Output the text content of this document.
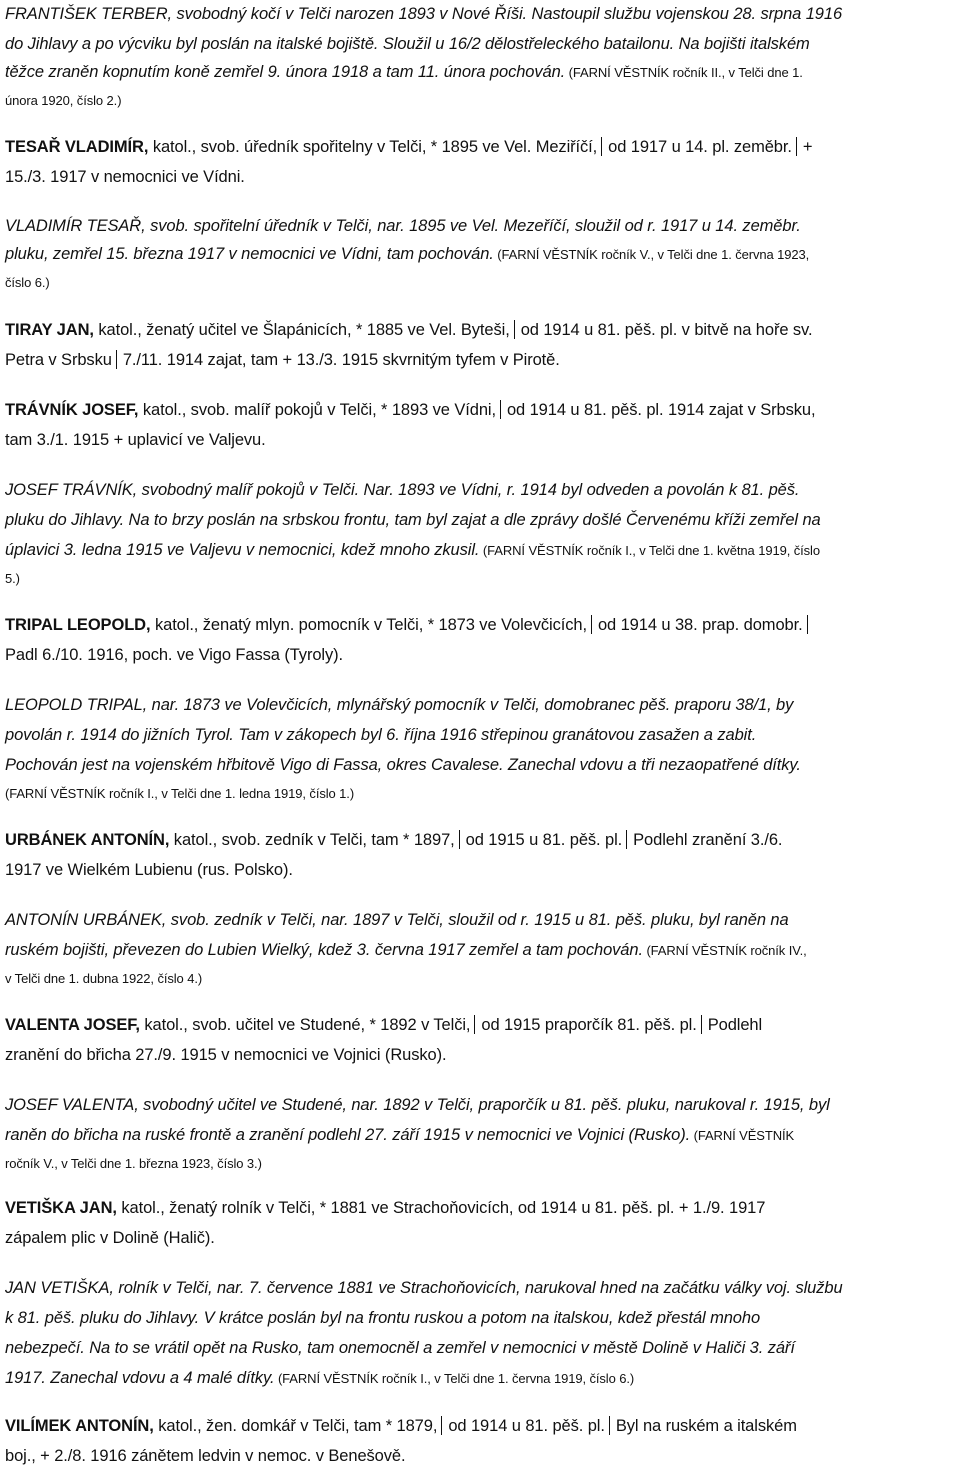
FRANTIŠEK TERBER, svobodný kočí v Telči narozen 1893 v Nové Říši. Nastoupil službu vojenskou 28. srpna 1916
do Jihlavy a po výcviku byl poslán na italské bojiště. Sloužil u 16/2 dělostřeleckého batailonu. Na bojišti italském
těžce zraněn kopnutím koně zemřel 9. února 1918 a tam 11. února pochován. (FARNÍ VĚSTNÍK ročník II., v Telči dne 1.
února 1920, číslo 2.)
TESAŘ VLADIMÍR, katol., svob. úředník spořitelny v Telči, * 1895 ve Vel. Meziříčí, od 1917 u 14. pl. zeměbr. +
15./3. 1917 v nemocnici ve Vídni.
VLADIMÍR TESAŘ, svob. spořitelní úředník v Telči, nar. 1895 ve Vel. Mezeříčí, sloužil od r. 1917 u 14. zeměbr.
pluku, zemřel 15. března 1917 v nemocnici ve Vídni, tam pochován. (FARNÍ VĚSTNÍK ročník V., v Telči dne 1. června 1923,
číslo 6.)
TIRAY JAN, katol., ženatý učitel ve Šlapánicích, * 1885 ve Vel. Byteši, od 1914 u 81. pěš. pl. v bitvě na hoře sv.
Petra v Srbsku 7./11. 1914 zajat, tam + 13./3. 1915 skvrnitým tyfem v Pirotě.
TRÁVNÍK JOSEF, katol., svob. malíř pokojů v Telči, * 1893 ve Vídni, od 1914 u 81. pěš. pl. 1914 zajat v Srbsku,
tam 3./1. 1915 + uplavicí ve Valjevu.
JOSEF TRÁVNÍK, svobodný malíř pokojů v Telči. Nar. 1893 ve Vídni, r. 1914 byl odveden a povolán k 81. pěš.
pluku do Jihlavy. Na to brzy poslán na srbskou frontu, tam byl zajat a dle zprávy došlé Červenému kříži zemřel na
úplavici 3. ledna 1915 ve Valjevu v nemocnici, kdež mnoho zkusil. (FARNÍ VĚSTNÍK ročník I., v Telči dne 1. května 1919, číslo
5.)
TRIPAL LEOPOLD, katol., ženatý mlyn. pomocník v Telči, * 1873 ve Volevčicích, od 1914 u 38. prap. domobr.
Padl 6./10. 1916, poch. ve Vigo Fassa (Tyroly).
LEOPOLD TRIPAL, nar. 1873 ve Volevčicích, mlynářský pomocník v Telči, domobranec pěš. praporu 38/1, by
povolán r. 1914 do jižních Tyrol. Tam v zákopech byl 6. října 1916 střepinou granátovou zasažen a zabit.
Pochován jest na vojenském hřbitově Vigo di Fassa, okres Cavalese. Zanechal vdovu a tři nezaopatřené dítky.
(FARNÍ VĚSTNÍK ročník I., v Telči dne 1. ledna 1919, číslo 1.)
URBÁNEK ANTONÍN, katol., svob. zedník v Telči, tam * 1897, od 1915 u 81. pěš. pl. Podlehl zranění 3./6.
1917 ve Wielkém Lubienu (rus. Polsko).
ANTONÍN URBÁNEK, svob. zedník v Telči, nar. 1897 v Telči, sloužil od r. 1915 u 81. pěš. pluku, byl raněn na
ruském bojišti, převezen do Lubien Wielký, kdež 3. června 1917 zemřel a tam pochován. (FARNÍ VĚSTNÍK ročník IV.,
v Telči dne 1. dubna 1922, číslo 4.)
VALENTA JOSEF, katol., svob. učitel ve Studené, * 1892 v Telči, od 1915 praporčík 81. pěš. pl. Podlehl
zranění do břicha 27./9. 1915 v nemocnici ve Vojnici (Rusko).
JOSEF VALENTA, svobodný učitel ve Studené, nar. 1892 v Telči, praporčík u 81. pěš. pluku, narukoval r. 1915, byl
raněn do břicha na ruské frontě a zranění podlehl 27. září 1915 v nemocnici ve Vojnici (Rusko). (FARNÍ VĚSTNÍK
ročník V., v Telči dne 1. března 1923, číslo 3.)
VETIŠKA JAN, katol., ženatý rolník v Telči, * 1881 ve Strachoňovicích, od 1914 u 81. pěš. pl. + 1./9. 1917
zápalem plic v Dolině (Halič).
JAN VETIŠKA, rolník v Telči, nar. 7. července 1881 ve Strachoňovicích, narukoval hned na začátku války voj. službu
k 81. pěš. pluku do Jihlavy. V krátce poslán byl na frontu ruskou a potom na italskou, kdež přestál mnoho
nebezpečí. Na to se vrátil opět na Rusko, tam onemocněl a zemřel v nemocnici v městě Dolině v Haliči 3. září
1917. Zanechal vdovu a 4 malé dítky. (FARNÍ VĚSTNÍK ročník I., v Telči dne 1. června 1919, číslo 6.)
VILÍMEK ANTONÍN, katol., žen. domkář v Telči, tam * 1879, od 1914 u 81. pěš. pl. Byl na ruském a italském
boj., + 2./8. 1916 zánětem ledvin v nemoc. v Benešově.
